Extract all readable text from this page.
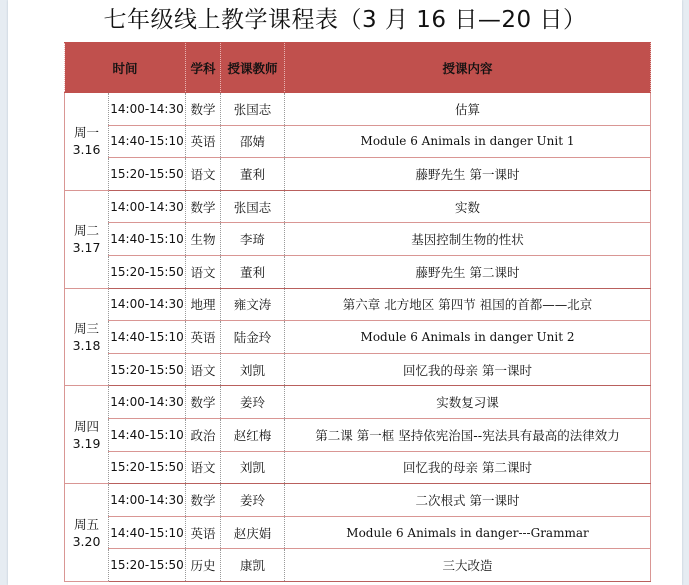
七年级线上教学课程表（3 月 16 日—20 日）
时间		学科	授课教师	授课内容

周一
3.16	14:00-14:30	数学	张国志	估算
	14:40-15:10	英语	邵婧	Module 6 Animals in danger Unit 1
	15:20-15:50	语文	董利	藤野先生 第一课时

周二
3.17	14:00-14:30	数学	张国志	实数
	14:40-15:10	生物	李琦	基因控制生物的性状
	15:20-15:50	语文	董利	藤野先生 第二课时

周三
3.18	14:00-14:30	地理	雍文涛	第六章 北方地区 第四节 祖国的首都——北京
	14:40-15:10	英语	陆金玲	Module 6 Animals in danger Unit 2
	15:20-15:50	语文	刘凯	回忆我的母亲 第一课时

周四
3.19	14:00-14:30	数学	姜玲	实数复习课
	14:40-15:10	政治	赵红梅	第二课 第一框 坚持依宪治国--宪法具有最高的法律效力
	15:20-15:50	语文	刘凯	回忆我的母亲 第二课时

周五
3.20	14:00-14:30	数学	姜玲	二次根式 第一课时
	14:40-15:10	英语	赵庆娟	Module 6 Animals in danger---Grammar
	15:20-15:50	历史	康凯	三大改造
